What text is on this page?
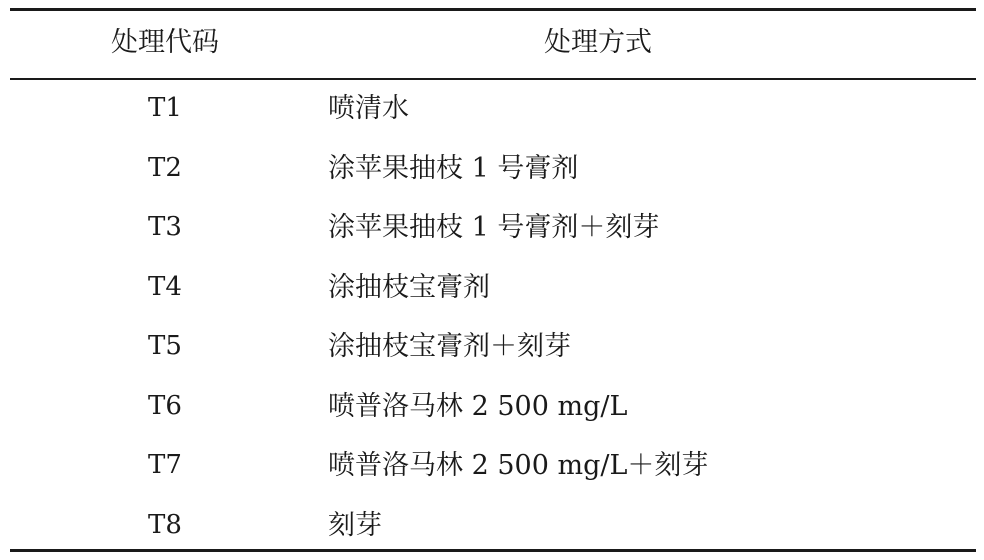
处理代码	处理方式
T1	喷清水
T2	涂苹果抽枝 1 号膏剂
T3	涂苹果抽枝 1 号膏剂＋刻芽
T4	涂抽枝宝膏剂
T5	涂抽枝宝膏剂＋刻芽
T6	喷普洛马林 2 500 mg/L
T7	喷普洛马林 2 500 mg/L＋刻芽
T8	刻芽
